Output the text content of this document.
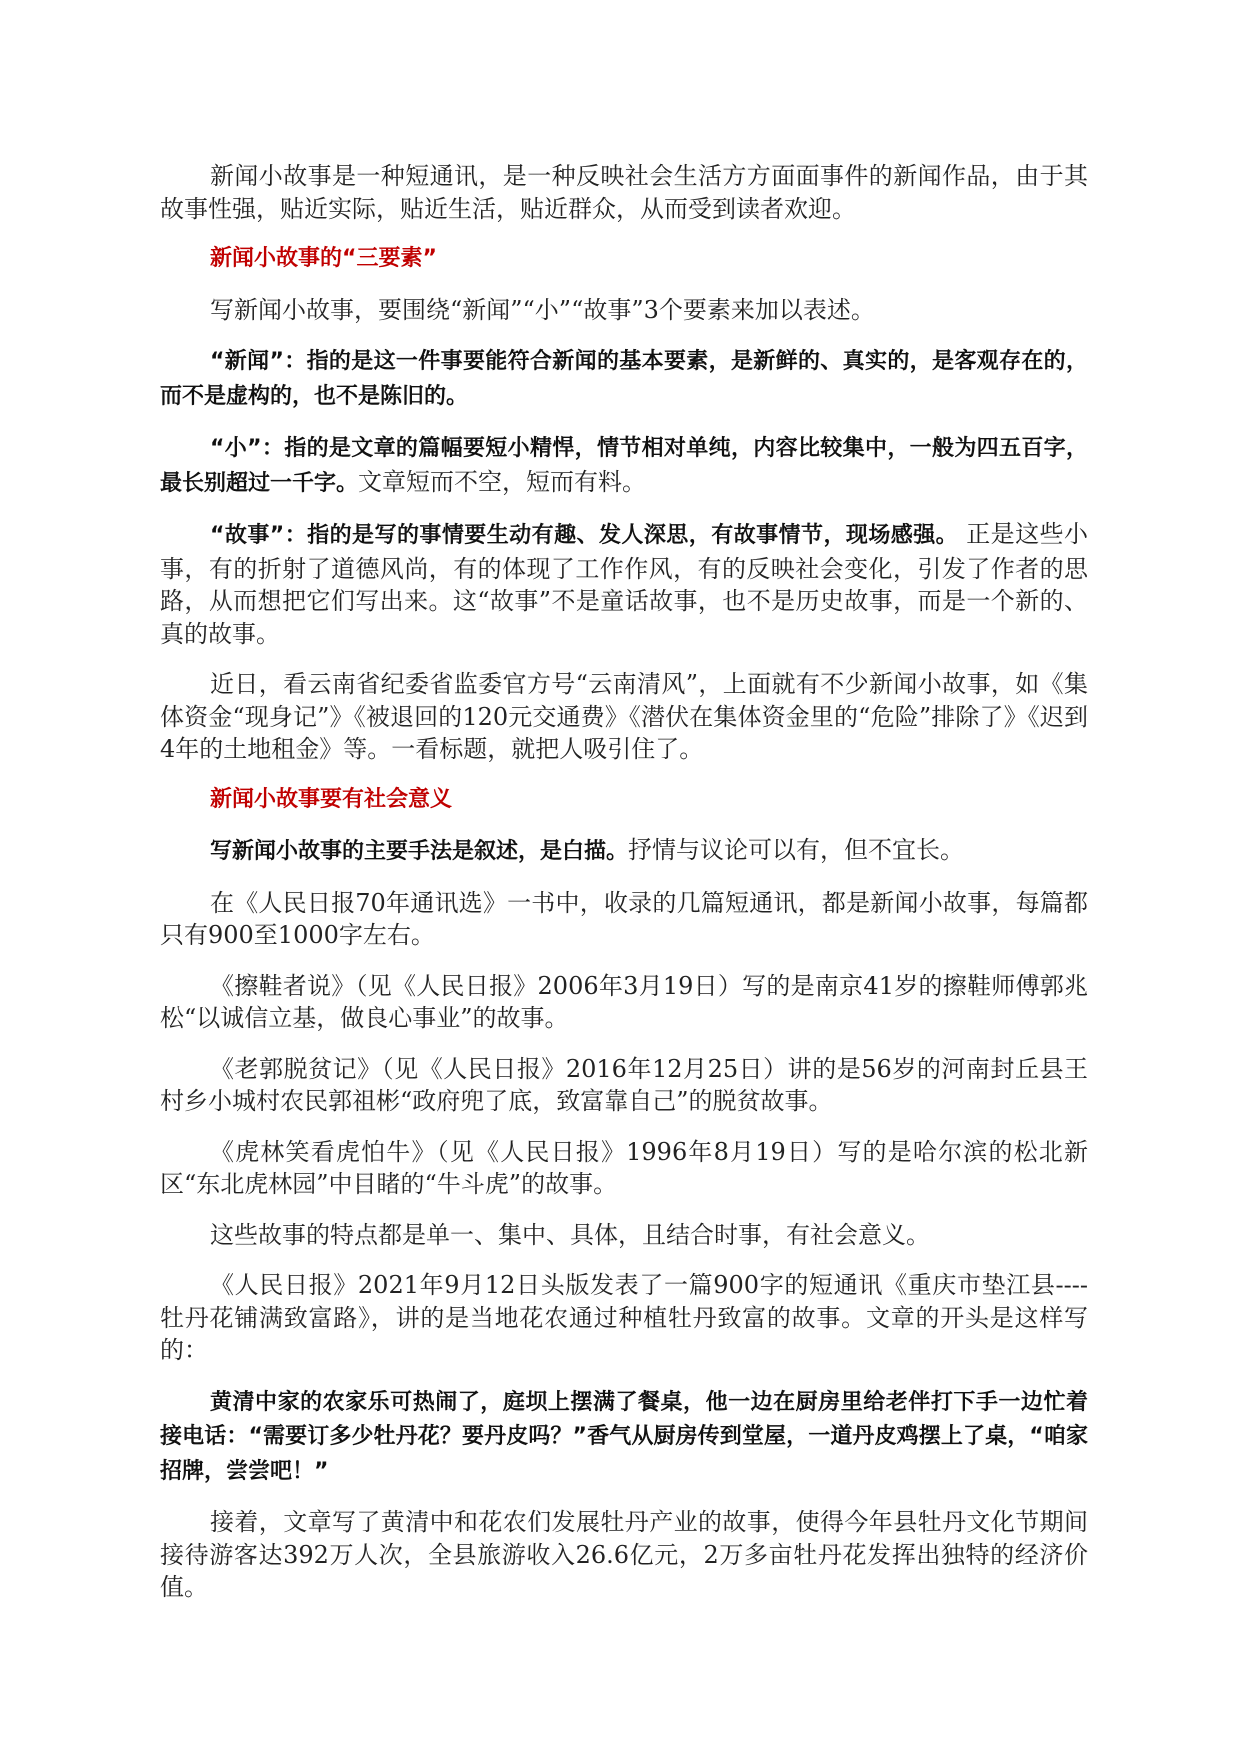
新闻小故事是一种短通讯，是一种反映社会生活方方面面事件的新闻作品，由于其故事性强，贴近实际，贴近生活，贴近群众，从而受到读者欢迎。

新闻小故事的“三要素”

写新闻小故事，要围绕“新闻”“小”“故事”3个要素来加以表述。

“新闻”：指的是这一件事要能符合新闻的基本要素，是新鲜的、真实的，是客观存在的，而不是虚构的，也不是陈旧的。

“小”：指的是文章的篇幅要短小精悍，情节相对单纯，内容比较集中，一般为四五百字，最长别超过一千字。文章短而不空，短而有料。

“故事”：指的是写的事情要生动有趣、发人深思，有故事情节，现场感强。 正是这些小事，有的折射了道德风尚，有的体现了工作作风，有的反映社会变化，引发了作者的思路，从而想把它们写出来。这“故事”不是童话故事，也不是历史故事，而是一个新的、真的故事。

近日，看云南省纪委省监委官方号“云南清风”，上面就有不少新闻小故事，如《集体资金“现身记”》《被退回的120元交通费》《潜伏在集体资金里的“危险”排除了》《迟到4年的土地租金》等。一看标题，就把人吸引住了。

新闻小故事要有社会意义

写新闻小故事的主要手法是叙述，是白描。抒情与议论可以有，但不宜长。

在《人民日报70年通讯选》一书中，收录的几篇短通讯，都是新闻小故事，每篇都只有900至1000字左右。

《擦鞋者说》（见《人民日报》2006年3月19日）写的是南京41岁的擦鞋师傅郭兆松“以诚信立基，做良心事业”的故事。

《老郭脱贫记》（见《人民日报》2016年12月25日）讲的是56岁的河南封丘县王村乡小城村农民郭祖彬“政府兜了底，致富靠自己”的脱贫故事。

《虎林笑看虎怕牛》（见《人民日报》1996年8月19日）写的是哈尔滨的松北新区“东北虎林园”中目睹的“牛斗虎”的故事。

这些故事的特点都是单一、集中、具体，且结合时事，有社会意义。

《人民日报》2021年9月12日头版发表了一篇900字的短通讯《重庆市垫江县----牡丹花铺满致富路》，讲的是当地花农通过种植牡丹致富的故事。文章的开头是这样写的：

黄清中家的农家乐可热闹了，庭坝上摆满了餐桌，他一边在厨房里给老伴打下手一边忙着接电话：“需要订多少牡丹花？要丹皮吗？”香气从厨房传到堂屋，一道丹皮鸡摆上了桌，“咱家招牌，尝尝吧！”

接着，文章写了黄清中和花农们发展牡丹产业的故事，使得今年县牡丹文化节期间接待游客达392万人次，全县旅游收入26.6亿元，2万多亩牡丹花发挥出独特的经济价值。
